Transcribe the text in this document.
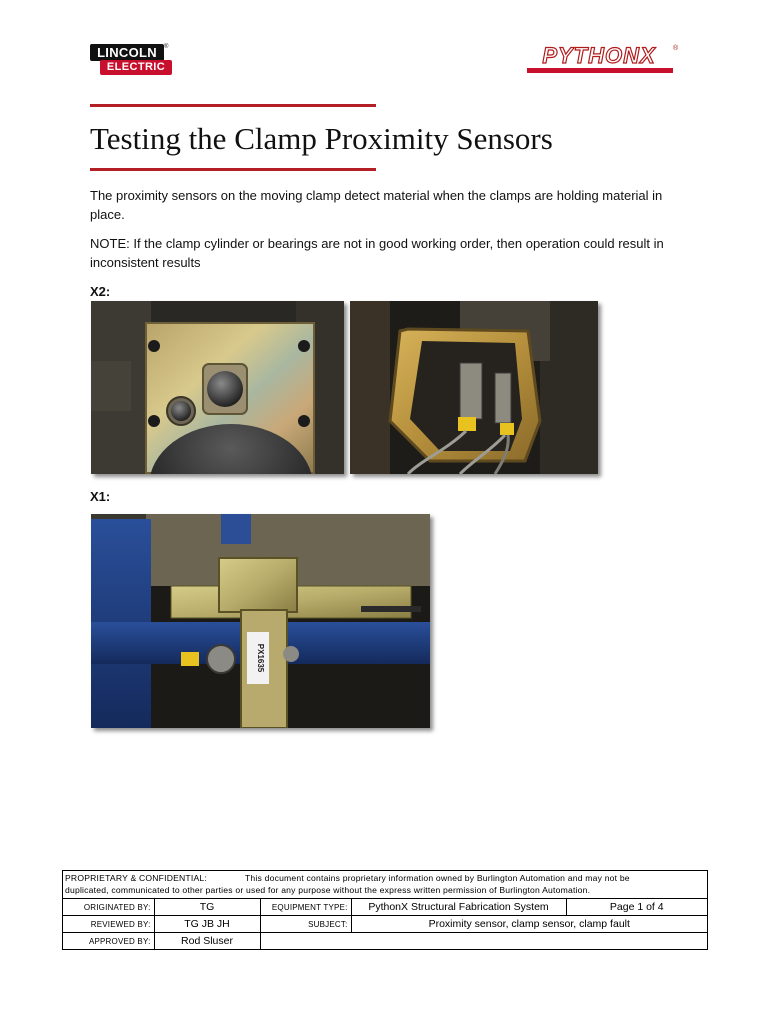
LINCOLN	®
ELECTRIC	PYTHONX	®
Testing the Clamp Proximity Sensors
The proximity sensors on the moving clamp detect material when the clamps are holding material in place.
NOTE: If the clamp cylinder or bearings are not in good working order, then operation could result in inconsistent results
X2:
X1:
PX1635
PROPRIETARY & CONFIDENTIAL:	This document contains proprietary information owned by Burlington Automation and may not be
duplicated, communicated to other parties or used for any purpose without the express written permission of Burlington Automation.
ORIGINATED BY:	TG	EQUIPMENT TYPE:	PythonX Structural Fabrication System	Page 1 of 4
REVIEWED BY:	TG JB JH	SUBJECT:	Proximity sensor, clamp sensor, clamp fault	
APPROVED BY:	Rod Sluser			
